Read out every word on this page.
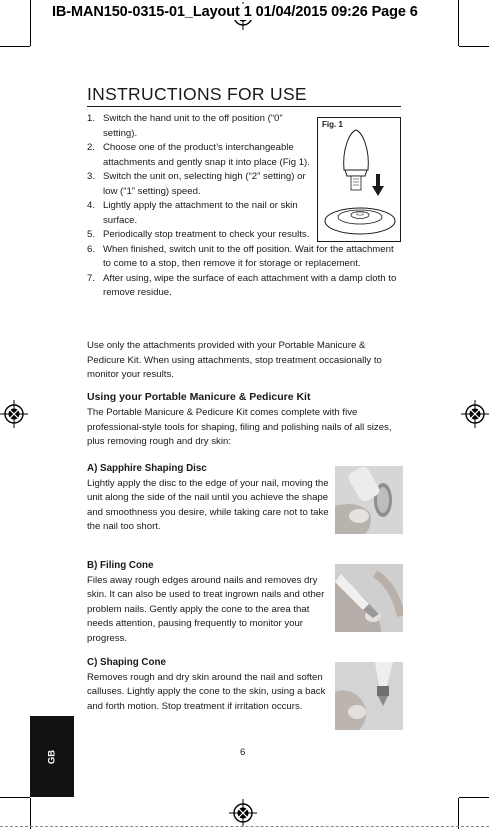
IB-MAN150-0315-01_Layout 1 01/04/2015 09:26 Page 6
INSTRUCTIONS FOR USE
1. Switch the hand unit to the off position (“0” setting).
2. Choose one of the product’s interchangeable attachments and gently snap it into place (Fig 1).
3. Switch the unit on, selecting high (“2” setting) or low (“1” setting) speed.
4. Lightly apply the attachment to the nail or skin surface.
5. Periodically stop treatment to check your results.
6. When finished, switch unit to the off position. Wait for the attachment to come to a stop, then remove it for storage or replacement.
7. After using, wipe the surface of each attachment with a damp cloth to remove residue.

Use only the attachments provided with your Portable Manicure & Pedicure Kit. When using attachments, stop treatment occasionally to monitor your results.

Fig. 1
Using your Portable Manicure & Pedicure Kit

The Portable Manicure & Pedicure Kit comes complete with five professional-style tools for shaping, filing and polishing nails of all sizes, plus removing rough and dry skin:

A) Sapphire Shaping Disc

Lightly apply the disc to the edge of your nail, moving the unit along the side of the nail until you achieve the shape and smoothness you desire, while taking care not to take the nail too short.

B) Filing Cone

Files away rough edges around nails and removes dry skin. It can also be used to treat ingrown nails and other problem nails. Gently apply the cone to the area that needs attention, pausing frequently to monitor your progress.

C) Shaping Cone

Removes rough and dry skin around the nail and soften calluses. Lightly apply the cone to the skin, using a back and forth motion. Stop treatment if irritation occurs.

GB	6
